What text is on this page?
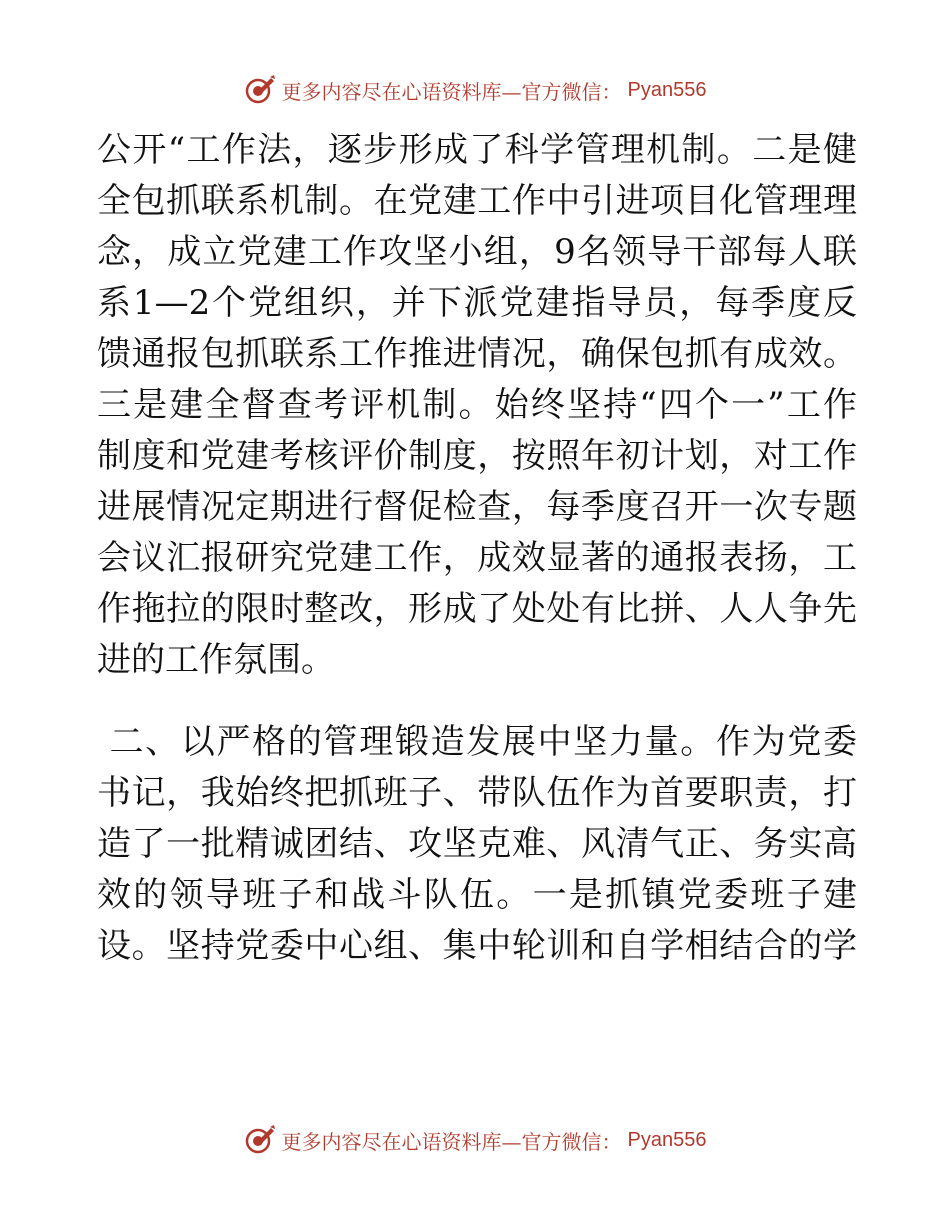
更多内容尽在心语资料库—官方微信： Pyan556
公开“工作法，逐步形成了科学管理机制。二是健
全包抓联系机制。在党建工作中引进项目化管理理
念，成立党建工作攻坚小组，9名领导干部每人联
系1—2个党组织，并下派党建指导员，每季度反
馈通报包抓联系工作推进情况，确保包抓有成效。
三是建全督查考评机制。始终坚持“四个一”工作
制度和党建考核评价制度，按照年初计划，对工作
进展情况定期进行督促检查，每季度召开一次专题
会议汇报研究党建工作，成效显著的通报表扬，工
作拖拉的限时整改，形成了处处有比拼、人人争先
进的工作氛围。
二、以严格的管理锻造发展中坚力量。作为党委
书记，我始终把抓班子、带队伍作为首要职责，打
造了一批精诚团结、攻坚克难、风清气正、务实高
效的领导班子和战斗队伍。一是抓镇党委班子建
设。坚持党委中心组、集中轮训和自学相结合的学
更多内容尽在心语资料库—官方微信： Pyan556
